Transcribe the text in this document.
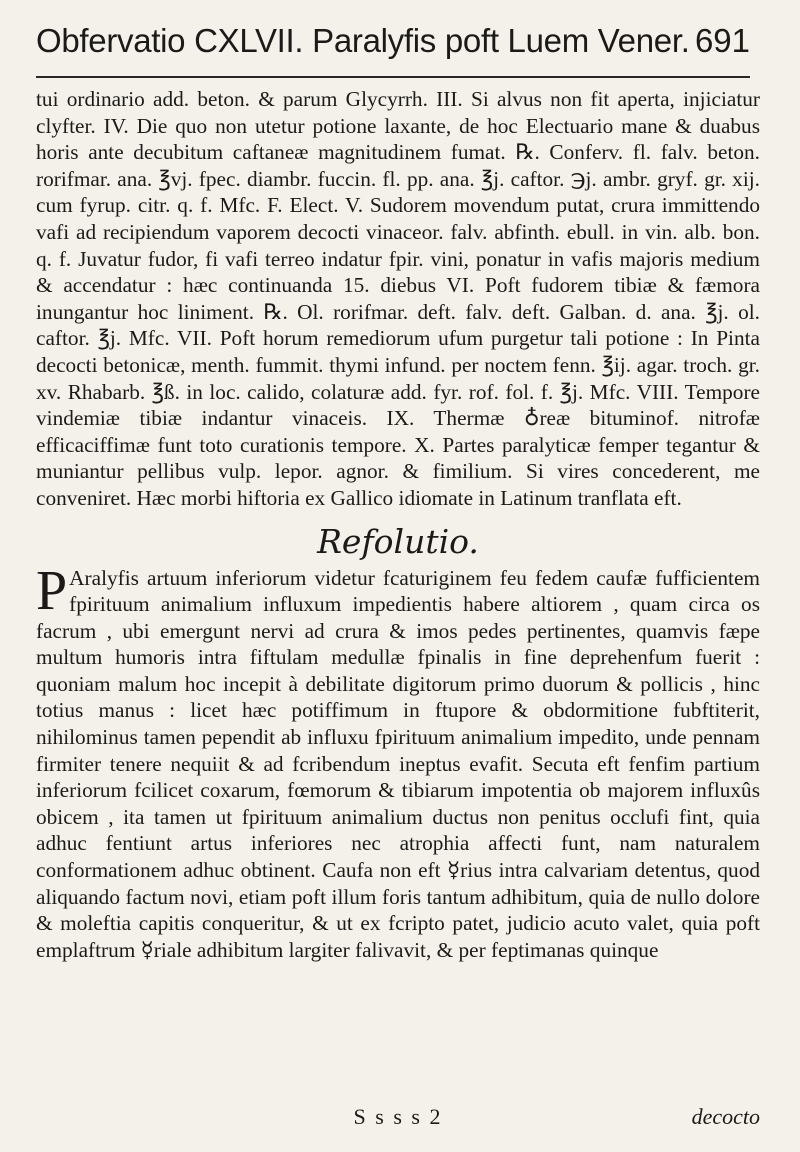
Obfervatio CXLVII. Paralyfis poft Luem Vener. 691

tui ordinario add. beton. & parum Glycyrrh. III. Si alvus non fit aperta, injiciatur clyfter. IV. Die quo non utetur potione laxante, de hoc Electuario mane & duabus horis ante decubitum caftaneæ magnitudinem fumat. ℞. Conferv. fl. falv. beton. rorifmar. ana. ℥vj. fpec. diambr. fuccin. fl. pp. ana. ℥j. caftor. ℈j. ambr. gryf. gr. xij. cum fyrup. citr. q. f. Mfc. F. Elect. V. Sudorem movendum putat, crura immittendo vafi ad recipiendum vaporem decocti vinaceor. falv. abfinth. ebull. in vin. alb. bon. q. f. Juvatur fudor, fi vafi terreo indatur fpir. vini, ponatur in vafis majoris medium & accendatur : hæc continuanda 15. diebus VI. Poft fudorem tibiæ & fæmora inungantur hoc liniment. ℞. Ol. rorifmar. deft. falv. deft. Galban. d. ana. ℥j. ol. caftor. ℥j. Mfc. VII. Poft horum remediorum ufum purgetur tali potione : In Pinta decocti betonicæ, menth. fummit. thymi infund. per noctem fenn. ℥ij. agar. troch. gr. xv. Rhabarb. ℥ß. in loc. calido, colaturæ add. fyr. rof. fol. f. ℥j. Mfc. VIII. Tempore vindemiæ tibiæ indantur vinaceis. IX. Thermæ ♁reæ bituminof. nitrofæ efficaciffimæ funt toto curationis tempore. X. Partes paralyticæ femper tegantur & muniantur pellibus vulp. lepor. agnor. & fimilium. Si vires concederent, me conveniret. Hæc morbi hiftoria ex Gallico idiomate in Latinum tranflata eft.

Refolutio.

P Aralyfis artuum inferiorum videtur fcaturiginem feu fedem caufæ fufficientem fpirituum animalium influxum impedientis habere altiorem , quam circa os facrum , ubi emergunt nervi ad crura & imos pedes pertinentes, quamvis fæpe multum humoris intra fiftulam medullæ fpinalis in fine deprehenfum fuerit : quoniam malum hoc incepit à debilitate digitorum primo duorum & pollicis , hinc totius manus : licet hæc potiffimum in ftupore & obdormitione fubftiterit, nihilominus tamen pependit ab influxu fpirituum animalium impedito, unde pennam firmiter tenere nequiit & ad fcribendum ineptus evafit. Secuta eft fenfim partium inferiorum fcilicet coxarum, fœmorum & tibiarum impotentia ob majorem influxûs obicem , ita tamen ut fpirituum animalium ductus non penitus occlufi fint, quia adhuc fentiunt artus inferiores nec atrophia affecti funt, nam naturalem conformationem adhuc obtinent. Caufa non eft ☿rius intra calvariam detentus, quod aliquando factum novi, etiam poft illum foris tantum adhibitum, quia de nullo dolore & moleftia capitis conqueritur, & ut ex fcripto patet, judicio acuto valet, quia poft emplaftrum ☿riale adhibitum largiter falivavit, & per feptimanas quinque

S s s s 2	decocto
